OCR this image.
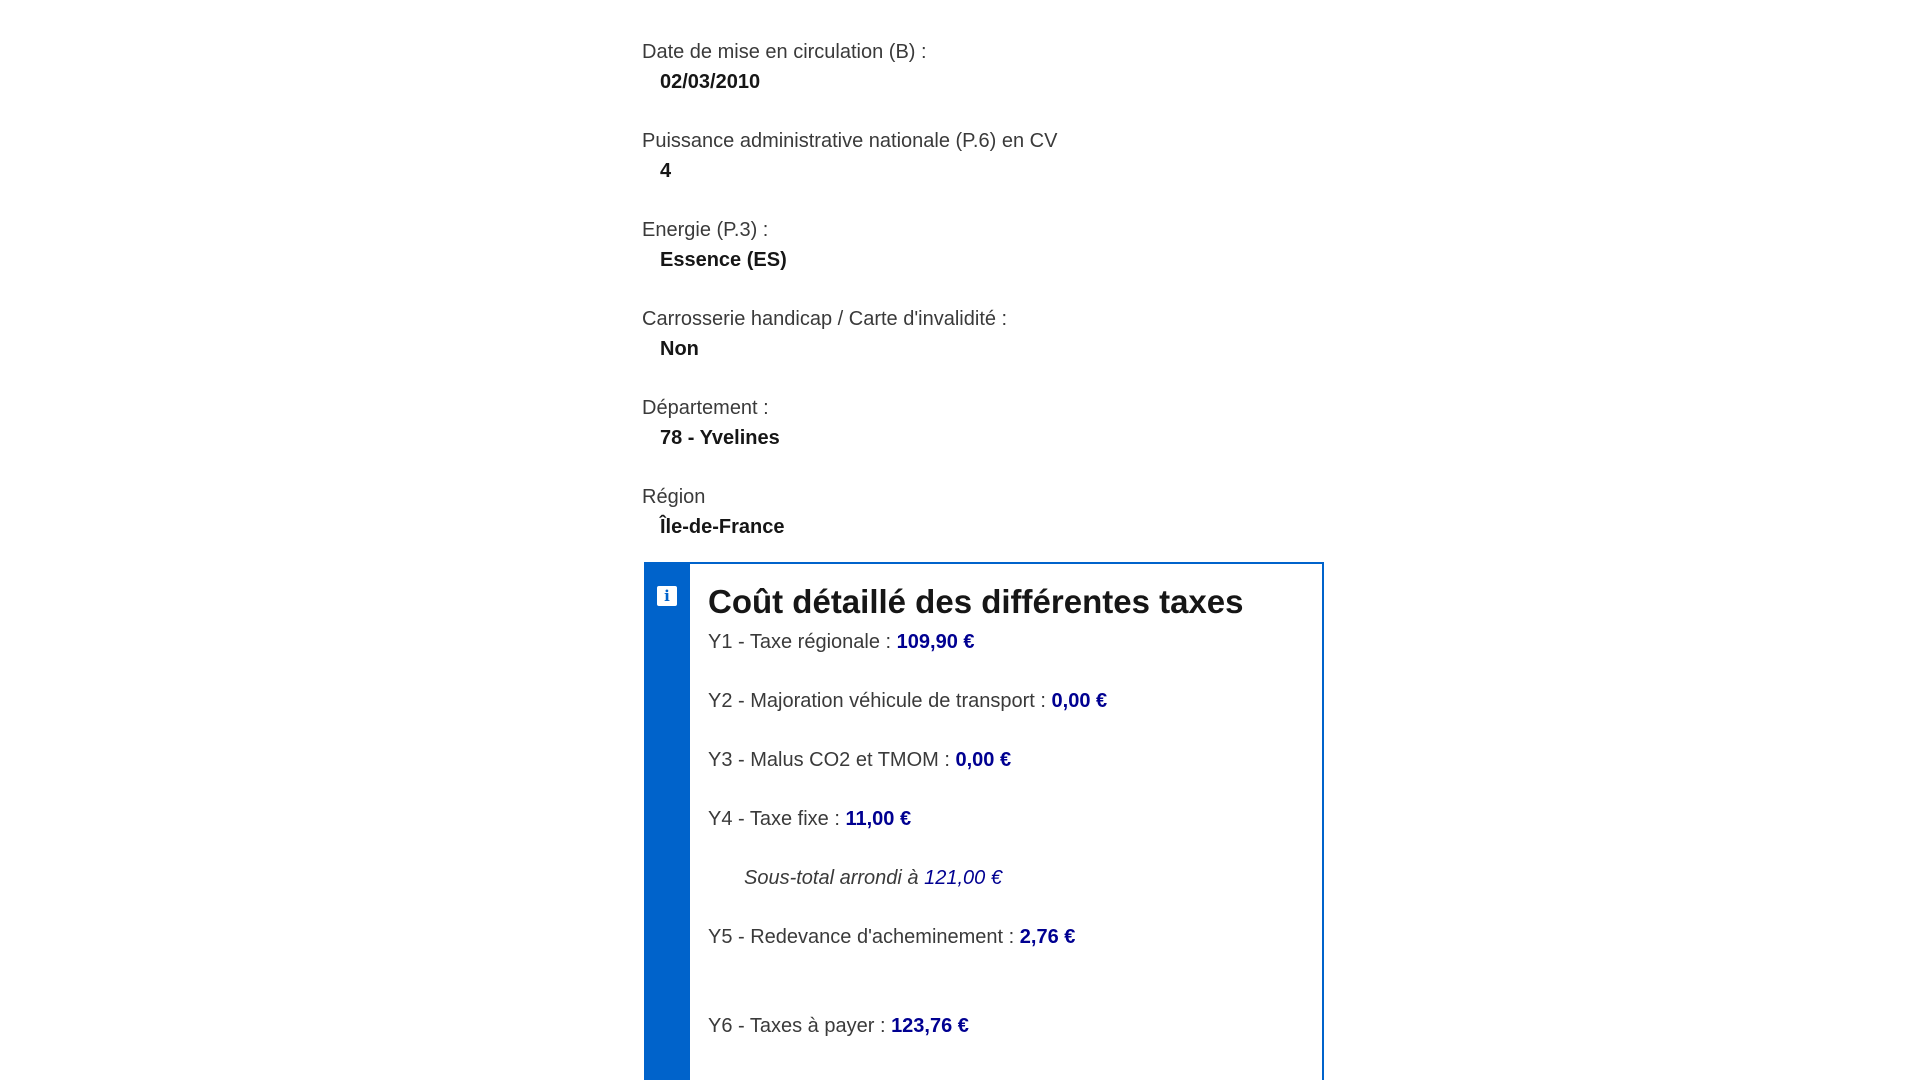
Date de mise en circulation (B) :
02/03/2010
Puissance administrative nationale (P.6) en CV
4
Energie (P.3) :
Essence (ES)
Carrosserie handicap / Carte d'invalidité :
Non
Département :
78 - Yvelines
Région
Île-de-France
i Coût détaillé des différentes taxes
Y1 - Taxe régionale : 109,90 €
Y2 - Majoration véhicule de transport : 0,00 €
Y3 - Malus CO2 et TMOM : 0,00 €
Y4 - Taxe fixe : 11,00 €
Sous-total arrondi à 121,00 €
Y5 - Redevance d'acheminement : 2,76 €
Y6 - Taxes à payer : 123,76 €
